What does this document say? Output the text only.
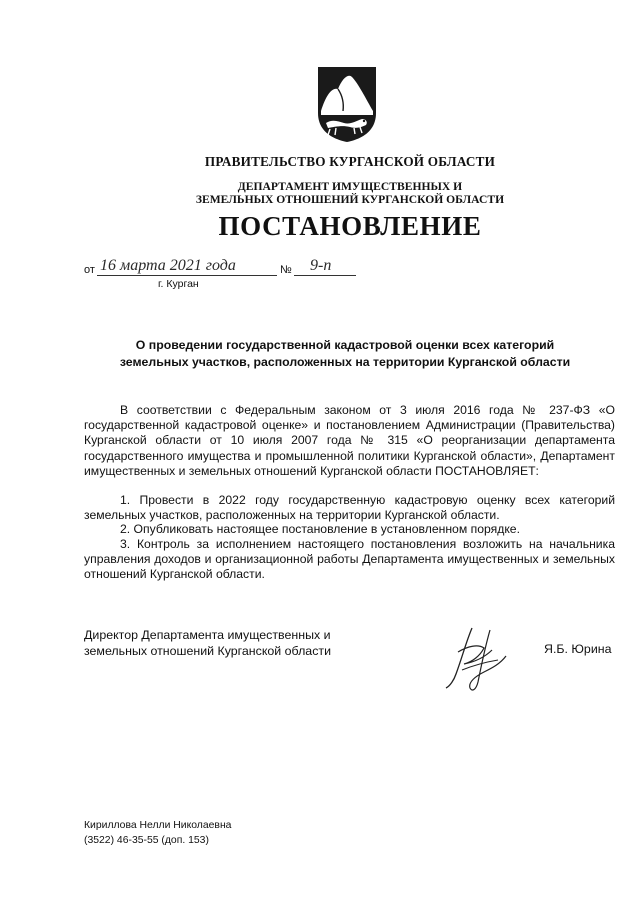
ПРАВИТЕЛЬСТВО КУРГАНСКОЙ ОБЛАСТИ
ДЕПАРТАМЕНТ ИМУЩЕСТВЕННЫХ И
ЗЕМЕЛЬНЫХ ОТНОШЕНИЙ КУРГАНСКОЙ ОБЛАСТИ
ПОСТАНОВЛЕНИЕ
от 16 марта 2021 года	№ 9-п
г. Курган
О проведении государственной кадастровой оценки всех категорий
земельных участков, расположенных на территории Курганской области
В соответствии с Федеральным законом от 3 июля 2016 года № 237-ФЗ «О государственной кадастровой оценке» и постановлением Администрации (Правительства) Курганской области от 10 июля 2007 года № 315 «О реорганизации департамента государственного имущества и промышленной политики Курганской области», Департамент имущественных и земельных отношений Курганской области ПОСТАНОВЛЯЕТ:
1. Провести в 2022 году государственную кадастровую оценку всех категорий земельных участков, расположенных на территории Курганской области.
2. Опубликовать настоящее постановление в установленном порядке.
3. Контроль за исполнением настоящего постановления возложить на начальника управления доходов и организационной работы Департамента имущественных и земельных отношений Курганской области.
Директор Департамента имущественных и
земельных отношений Курганской области	Я.Б. Юрина
Кириллова Нелли Николаевна
(3522) 46-35-55 (доп. 153)
